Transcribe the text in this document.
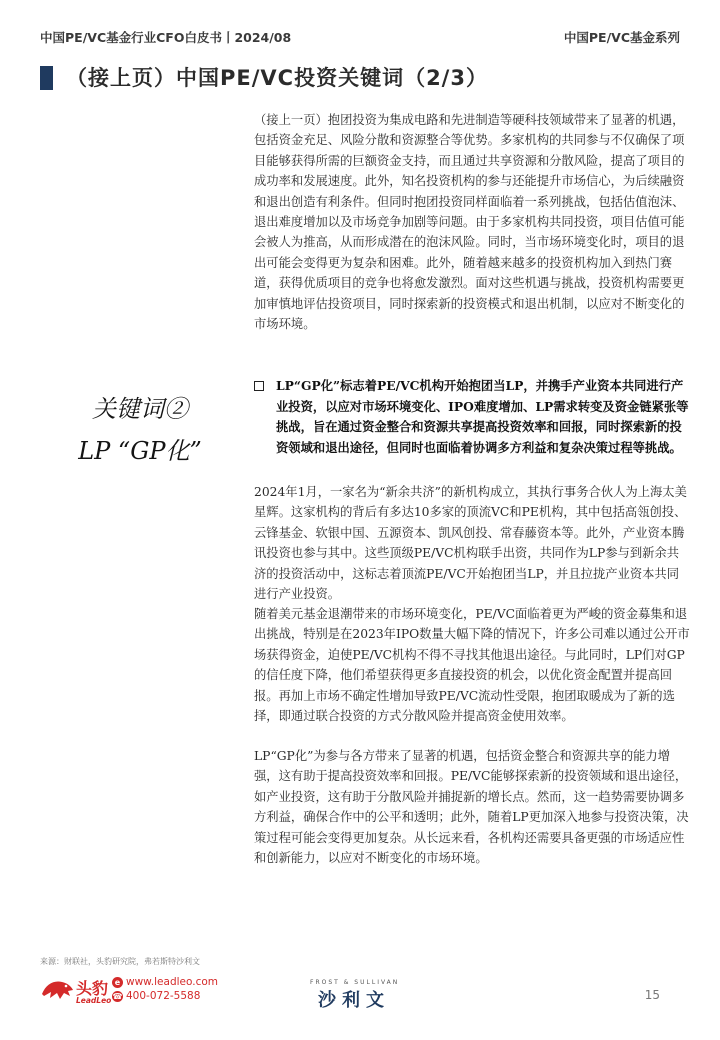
中国PE/VC基金行业CFO白皮书丨2024/08	中国PE/VC基金系列
（接上页）中国PE/VC投资关键词（2/3）
（接上一页）抱团投资为集成电路和先进制造等硬科技领域带来了显著的机遇，包括资金充足、风险分散和资源整合等优势。多家机构的共同参与不仅确保了项目能够获得所需的巨额资金支持，而且通过共享资源和分散风险，提高了项目的成功率和发展速度。此外，知名投资机构的参与还能提升市场信心，为后续融资和退出创造有利条件。但同时抱团投资同样面临着一系列挑战，包括估值泡沫、退出难度增加以及市场竞争加剧等问题。由于多家机构共同投资，项目估值可能会被人为推高，从而形成潜在的泡沫风险。同时，当市场环境变化时，项目的退出可能会变得更为复杂和困难。此外，随着越来越多的投资机构加入到热门赛道，获得优质项目的竞争也将愈发激烈。面对这些机遇与挑战，投资机构需要更加审慎地评估投资项目，同时探索新的投资模式和退出机制，以应对不断变化的市场环境。
关键词②
LP “GP化”
LP“GP化”标志着PE/VC机构开始抱团当LP，并携手产业资本共同进行产业投资，以应对市场环境变化、IPO难度增加、LP需求转变及资金链紧张等挑战，旨在通过资金整合和资源共享提高投资效率和回报，同时探索新的投资领域和退出途径，但同时也面临着协调多方利益和复杂决策过程等挑战。
2024年1月，一家名为“新余共济”的新机构成立，其执行事务合伙人为上海太美星辉。这家机构的背后有多达10多家的顶流VC和PE机构，其中包括高瓴创投、云锋基金、软银中国、五源资本、凯风创投、常春藤资本等。此外，产业资本腾讯投资也参与其中。这些顶级PE/VC机构联手出资，共同作为LP参与到新余共济的投资活动中，这标志着顶流PE/VC开始抱团当LP，并且拉拢产业资本共同进行产业投资。
随着美元基金退潮带来的市场环境变化，PE/VC面临着更为严峻的资金募集和退出挑战，特别是在2023年IPO数量大幅下降的情况下，许多公司难以通过公开市场获得资金，迫使PE/VC机构不得不寻找其他退出途径。与此同时，LP们对GP的信任度下降，他们希望获得更多直接投资的机会，以优化资金配置并提高回报。再加上市场不确定性增加导致PE/VC流动性受限，抱团取暖成为了新的选择，即通过联合投资的方式分散风险并提高资金使用效率。
LP“GP化”为参与各方带来了显著的机遇，包括资金整合和资源共享的能力增强，这有助于提高投资效率和回报。PE/VC能够探索新的投资领域和退出途径，如产业投资，这有助于分散风险并捕捉新的增长点。然而，这一趋势需要协调多方利益，确保合作中的公平和透明；此外，随着LP更加深入地参与投资决策，决策过程可能会变得更加复杂。从长远来看，各机构还需要具备更强的市场适应性和创新能力，以应对不断变化的市场环境。
来源：财联社，头豹研究院，弗若斯特沙利文
头豹
LeadLeo
e www.leadleo.com
☎ 400-072-5588
FROST & SULLIVAN
沙利文	15
